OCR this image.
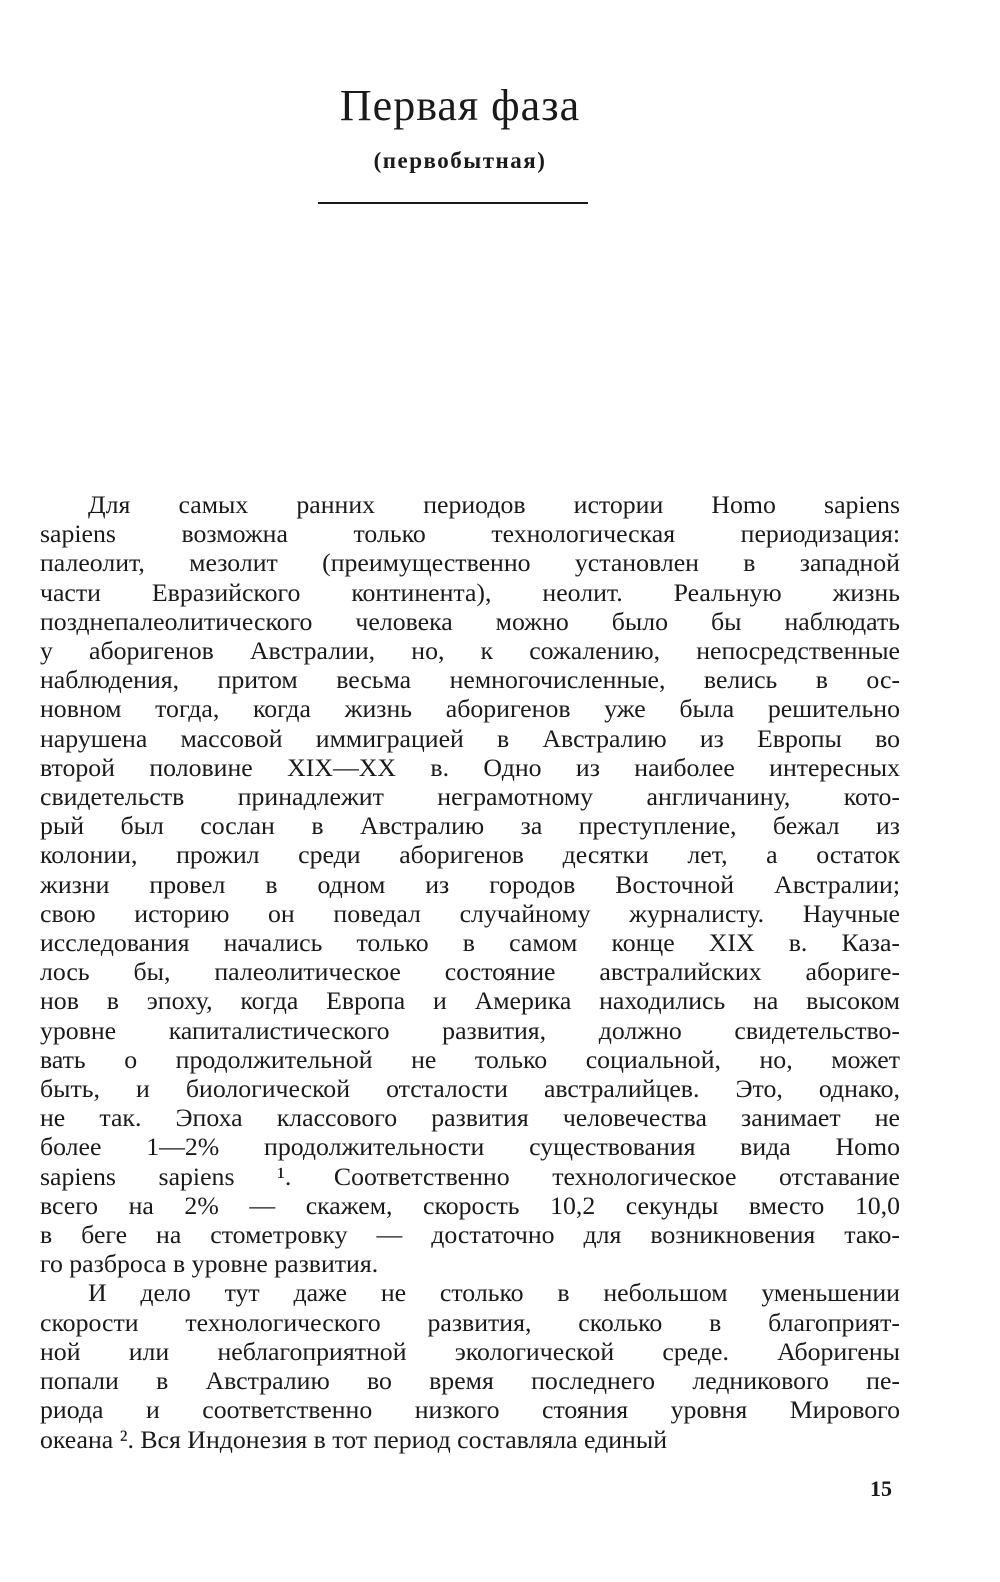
Первая фаза
(первобытная)
Для самых ранних периодов истории Homo sapiens
sapiens возможна только технологическая периодизация:
палеолит, мезолит (преимущественно установлен в западной
части Евразийского континента), неолит. Реальную жизнь
позднепалеолитического человека можно было бы наблюдать
у аборигенов Австралии, но, к сожалению, непосредственные
наблюдения, притом весьма немногочисленные, велись в ос-
новном тогда, когда жизнь аборигенов уже была решительно
нарушена массовой иммиграцией в Австралию из Европы во
второй половине XIX—XX в. Одно из наиболее интересных
свидетельств принадлежит неграмотному англичанину, кото-
рый был сослан в Австралию за преступление, бежал из
колонии, прожил среди аборигенов десятки лет, а остаток
жизни провел в одном из городов Восточной Австралии;
свою историю он поведал случайному журналисту. Научные
исследования начались только в самом конце XIX в. Каза-
лось бы, палеолитическое состояние австралийских абориге-
нов в эпоху, когда Европа и Америка находились на высоком
уровне капиталистического развития, должно свидетельство-
вать о продолжительной не только социальной, но, может
быть, и биологической отсталости австралийцев. Это, однако,
не так. Эпоха классового развития человечества занимает не
более 1—2% продолжительности существования вида Homo
sapiens sapiens ¹. Соответственно технологическое отставание
всего на 2% — скажем, скорость 10,2 секунды вместо 10,0
в беге на стометровку — достаточно для возникновения тако-
го разброса в уровне развития.
И дело тут даже не столько в небольшом уменьшении
скорости технологического развития, сколько в благоприят-
ной или неблагоприятной экологической среде. Аборигены
попали в Австралию во время последнего ледникового пе-
риода и соответственно низкого стояния уровня Мирового
океана ². Вся Индонезия в тот период составляла единый

15
